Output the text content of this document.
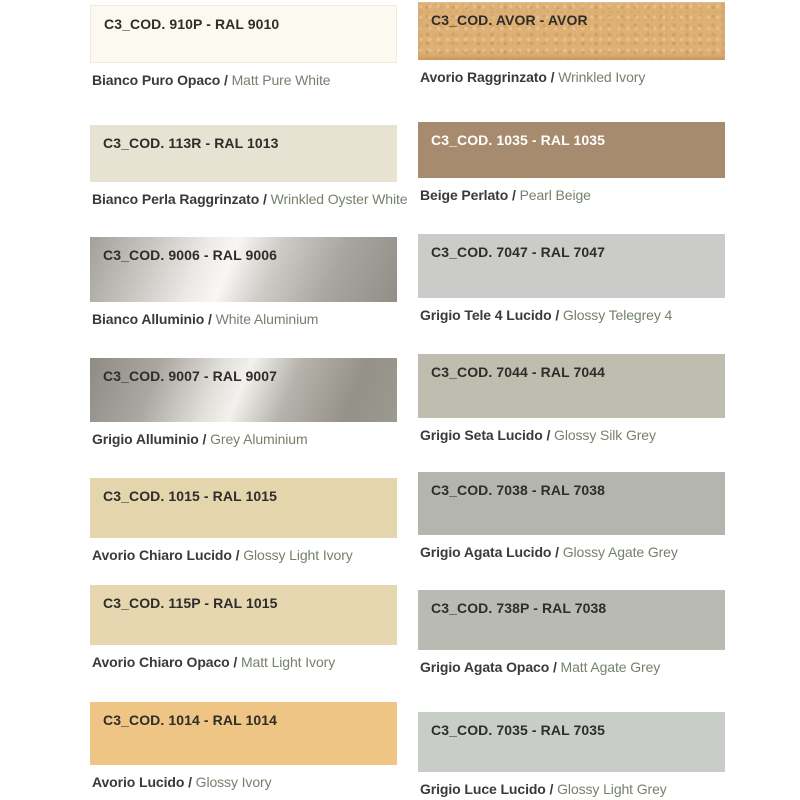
C3_COD. 910P - RAL 9010
Bianco Puro Opaco / Matt Pure White
C3_COD. 113R - RAL 1013
Bianco Perla Raggrinzato / Wrinkled Oyster White
C3_COD. 9006 - RAL 9006
Bianco Alluminio / White Aluminium
C3_COD. 9007 - RAL 9007
Grigio Alluminio / Grey Aluminium
C3_COD. 1015 - RAL 1015
Avorio Chiaro Lucido / Glossy Light Ivory
C3_COD. 115P - RAL 1015
Avorio Chiaro Opaco / Matt Light Ivory
C3_COD. 1014 - RAL 1014
Avorio Lucido / Glossy Ivory
C3_COD. AVOR - AVOR
Avorio Raggrinzato / Wrinkled Ivory
C3_COD. 1035 - RAL 1035
Beige Perlato / Pearl Beige
C3_COD. 7047 - RAL 7047
Grigio Tele 4 Lucido / Glossy Telegrey 4
C3_COD. 7044 - RAL 7044
Grigio Seta Lucido / Glossy Silk Grey
C3_COD. 7038 - RAL 7038
Grigio Agata Lucido / Glossy Agate Grey
C3_COD. 738P - RAL 7038
Grigio Agata Opaco / Matt Agate Grey
C3_COD. 7035 - RAL 7035
Grigio Luce Lucido / Glossy Light Grey
